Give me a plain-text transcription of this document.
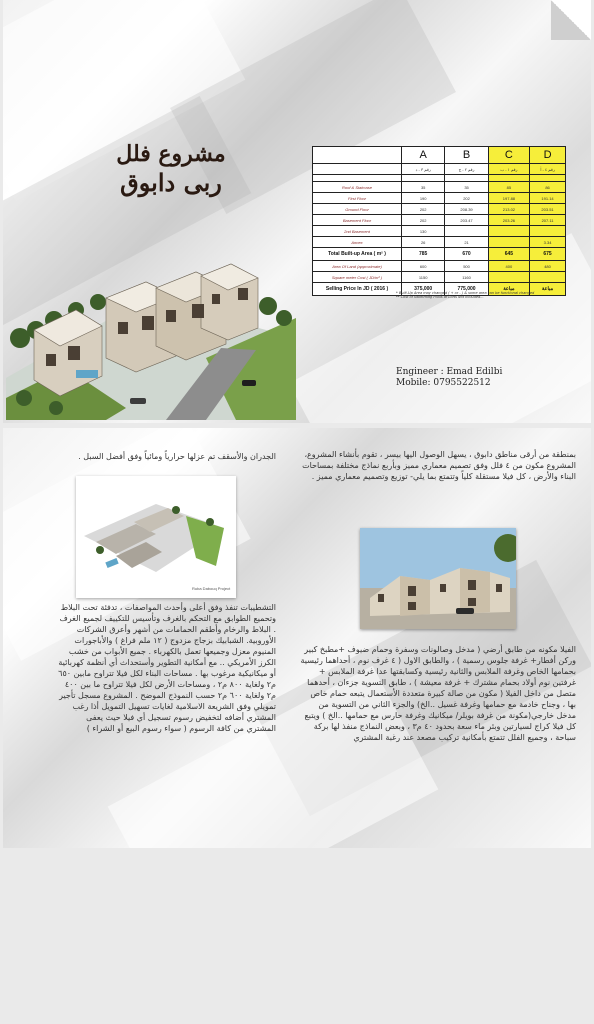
مشروع فلل
ربى دابوق
	A	B	C	D
	رقم ٣ - د	رقم ٢ - ج	رقم ١ - ب	رقم ٤ - أ

Roof & Staircase	35	35	85	86
First Floor	190	202	197.88	191.14
Ground Floor	202	208.39	213.02	203.51
Basement Floor	202	203.47	203.26	207.11
2nd Basement	130			
Annex	26	21		3.34
Total Built-up Area ( m² )	785	670	645	675
Area Of Land (approximate)	600	500	400	480
Square meter Cost ( JD/m² )	1150	1160		
Selling Price In JD ( 2016 )	375,000	775,000	مباعة	مباعة
* Built-Up Area may changed ( + or - ) & some area can be functional changed
** Cost of Swimming Pools ar Lofts Not Included...
Engineer : Emad Edilbi
Mobile: 0795522512
بمنطقة من أرقى مناطق دابوق ، يسهل الوصول اليها بيسر ، تقوم بأنشاء المشروع، المشروع مكون من ٤ فلل وفق تصميم معماري مميز وبأربع نماذج مختلفة بمساحات البناء والأرض ، كل فيلا مستقلة كلياً وتتمتع بما يلي- توزيع وتصميم معماري مميز .
الجدران والأسقف تم عزلها حرارياً ومائياً وفق أفضل السبل .
Ruba Dabouq Project
الفيلا مكونه من طابق أرضي ( مدخل وصالونات وسفرة وحمام ضيوف +مطبخ كبير وركن أفطار+ غرفة جلوس رسمية ) ، والطابق الاول ( ٤ غرف نوم ، أحداهما رئيسية بحمامها الخاص وغرفة الملابس والثانية رئيسية وكسابقتها عدا غرفة الملابس + غرفتين نوم أولاد بحمام مشترك + غرفة معيشة ) ، طابق التسوية جزءان ، أحدهما متصل من داخل الفيلا ( مكون من صالة كبيرة متعددة الأستعمال يتبعه حمام خاص بها ، وجناح خادمة مع حمامها وغرفة غسيل ..الخ) والجزء الثاني من التسوية من مدخل خارجي(مكونة من غرفة بويلر/ ميكانيك وغرفة حارس مع حمامها ..الخ ) ويتبع كل فيلا كراج لسيارتين وبئر ماء سعة بحدود ٤٠ م٣ ، وبعض النماذج منفذ لها بركة سباحة ، وجميع الفلل تتمتع بأمكانية تركيب مصعد عند رغبة المشتري
التشطيبات تنفذ وفق أعلى وأحدث المواصفات ، تدفئة تحت البلاط وتحميع الطوابق مع التحكم بالغرف وتأسيس للتكييف لجميع الغرف . البلاط والرخام وأطقم الحمامات من أشهر وأعرق الشركات الأوروبية. الشبابيك بزجاج مزدوج ( ١٢ ملم فراغ ) والأباجورات المنيوم معزل وجميعها تعمل بالكهرباء . جميع الأبواب من خشب الكرز الأمريكي .. مع أمكانية التطوير وأستحداث أي أنظمة كهربائية أو ميكانيكية مرغوب بها . مساحات البناء لكل فيلا تتراوح مابين ٦٥٠ م٢ ولغاية ٨٠٠ م٢ ، ومساحات الأرض لكل فيلا تتراوح ما بين ٤٠٠ م٢ ولغاية ٦٠٠ م٢ حسب النموذج الموضح . المشروع مسجل تأجير تمويلي وفق الشريعة الاسلامية لغايات تسهيل التمويل أذا رغب المشتري أضافه لتخفيض رسوم تسجيل أي فيلا حيث يعفى المشتري من كافة الرسوم ( سواء رسوم البيع أو الشراء )
